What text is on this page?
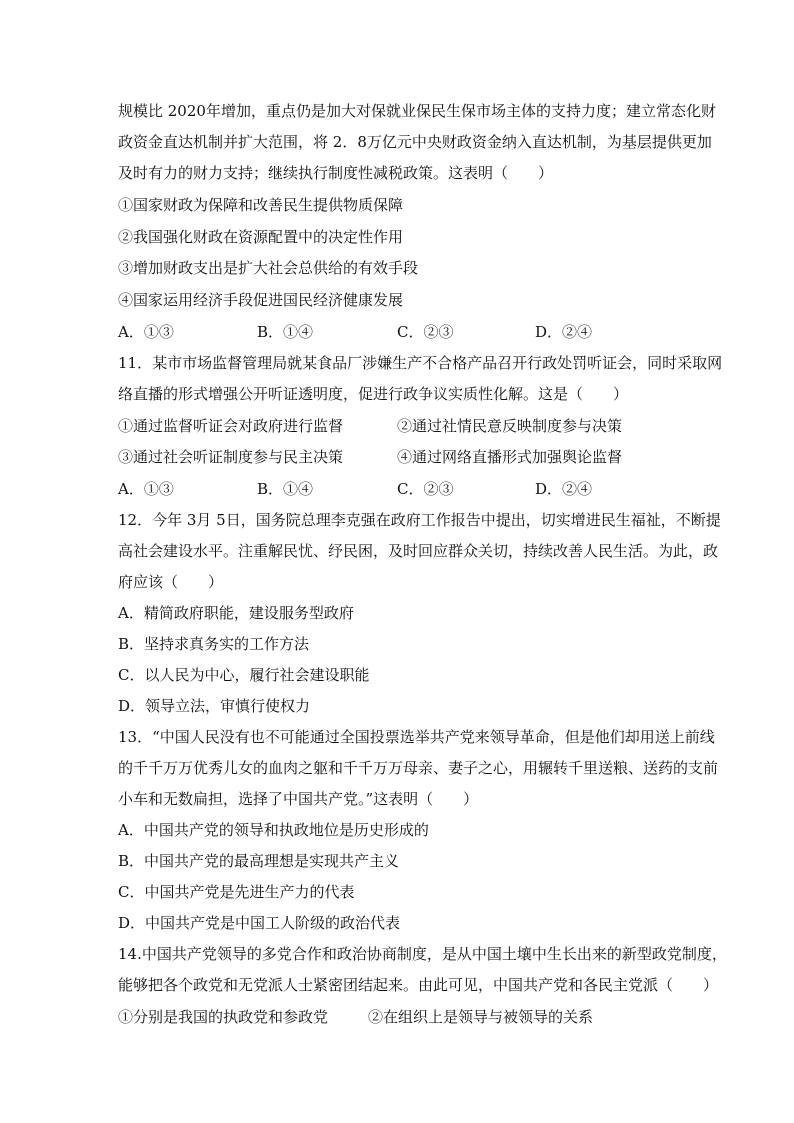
规模比 2020年增加，重点仍是加大对保就业保民生保市场主体的支持力度；建立常态化财
政资金直达机制并扩大范围，将 2．8万亿元中央财政资金纳入直达机制，为基层提供更加
及时有力的财力支持；继续执行制度性减税政策。这表明（　　）
①国家财政为保障和改善民生提供物质保障
②我国强化财政在资源配置中的决定性作用
③增加财政支出是扩大社会总供给的有效手段
④国家运用经济手段促进国民经济健康发展
A．①③	B．①④	C．②③	D．②④
11．某市市场监督管理局就某食品厂涉嫌生产不合格产品召开行政处罚听证会，同时采取网
络直播的形式增强公开听证透明度，促进行政争议实质性化解。这是（　　）
①通过监督听证会对政府进行监督	②通过社情民意反映制度参与决策
③通过社会听证制度参与民主决策	④通过网络直播形式加强舆论监督
A．①③	B．①④	C．②③	D．②④
12．今年 3月 5日，国务院总理李克强在政府工作报告中提出，切实增进民生福祉，不断提
高社会建设水平。注重解民忧、纾民困，及时回应群众关切，持续改善人民生活。为此，政
府应该（　　）
A．精简政府职能，建设服务型政府
B．坚持求真务实的工作方法
C．以人民为中心，履行社会建设职能
D．领导立法，审慎行使权力
13．“中国人民没有也不可能通过全国投票选举共产党来领导革命，但是他们却用送上前线
的千千万万优秀儿女的血肉之躯和千千万万母亲、妻子之心，用辗转千里送粮、送药的支前
小车和无数扁担，选择了中国共产党。”这表明（　　）
A．中国共产党的领导和执政地位是历史形成的
B．中国共产党的最高理想是实现共产主义
C．中国共产党是先进生产力的代表
D．中国共产党是中国工人阶级的政治代表
14.中国共产党领导的多党合作和政治协商制度，是从中国土壤中生长出来的新型政党制度，
能够把各个政党和无党派人士紧密团结起来。由此可见，中国共产党和各民主党派（　　）
①分别是我国的执政党和参政党	②在组织上是领导与被领导的关系
